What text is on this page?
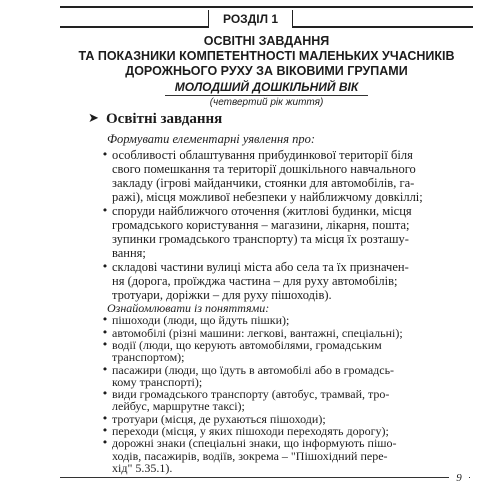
РОЗДІЛ 1
ОСВІТНІ ЗАВДАННЯ
ТА ПОКАЗНИКИ КОМПЕТЕНТНОСТІ МАЛЕНЬКИХ УЧАСНИКІВ
ДОРОЖНЬОГО РУХУ ЗА ВІКОВИМИ ГРУПАМИ
МОЛОДШИЙ ДОШКІЛЬНИЙ ВІК
(четвертий рік життя)
➤ Освітні завдання
Формувати елементарні уявлення про:
• особливості облаштування прибудинкової території біля
свого помешкання та території дошкільного навчального
закладу (ігрові майданчики, стоянки для автомобілів, га-
ражі), місця можливої небезпеки у найближчому довкіллі;
• споруди найближчого оточення (житлові будинки, місця
громадського користування – магазини, лікарня, пошта;
зупинки громадського транспорту) та місця їх розташу-
вання;
• складові частини вулиці міста або села та їх призначен-
ня (дорога, проїжджа частина – для руху автомобілів;
тротуари, доріжки – для руху пішоходів).
Ознайомлювати із поняттями:
• пішоходи (люди, що йдуть пішки);
• автомобілі (різні машини: легкові, вантажні, спеціальні);
• водії (люди, що керують автомобілями, громадським
транспортом);
• пасажири (люди, що їдуть в автомобілі або в громадсь-
кому транспорті);
• види громадського транспорту (автобус, трамвай, тро-
лейбус, маршрутне таксі);
• тротуари (місця, де рухаються пішоходи);
• переходи (місця, у яких пішоходи переходять дорогу);
• дорожні знаки (спеціальні знаки, що інформують пішо-
9
ходів, пасажирів, водіїв, зокрема – "Пішохідний пере-
хід" 5.35.1).
